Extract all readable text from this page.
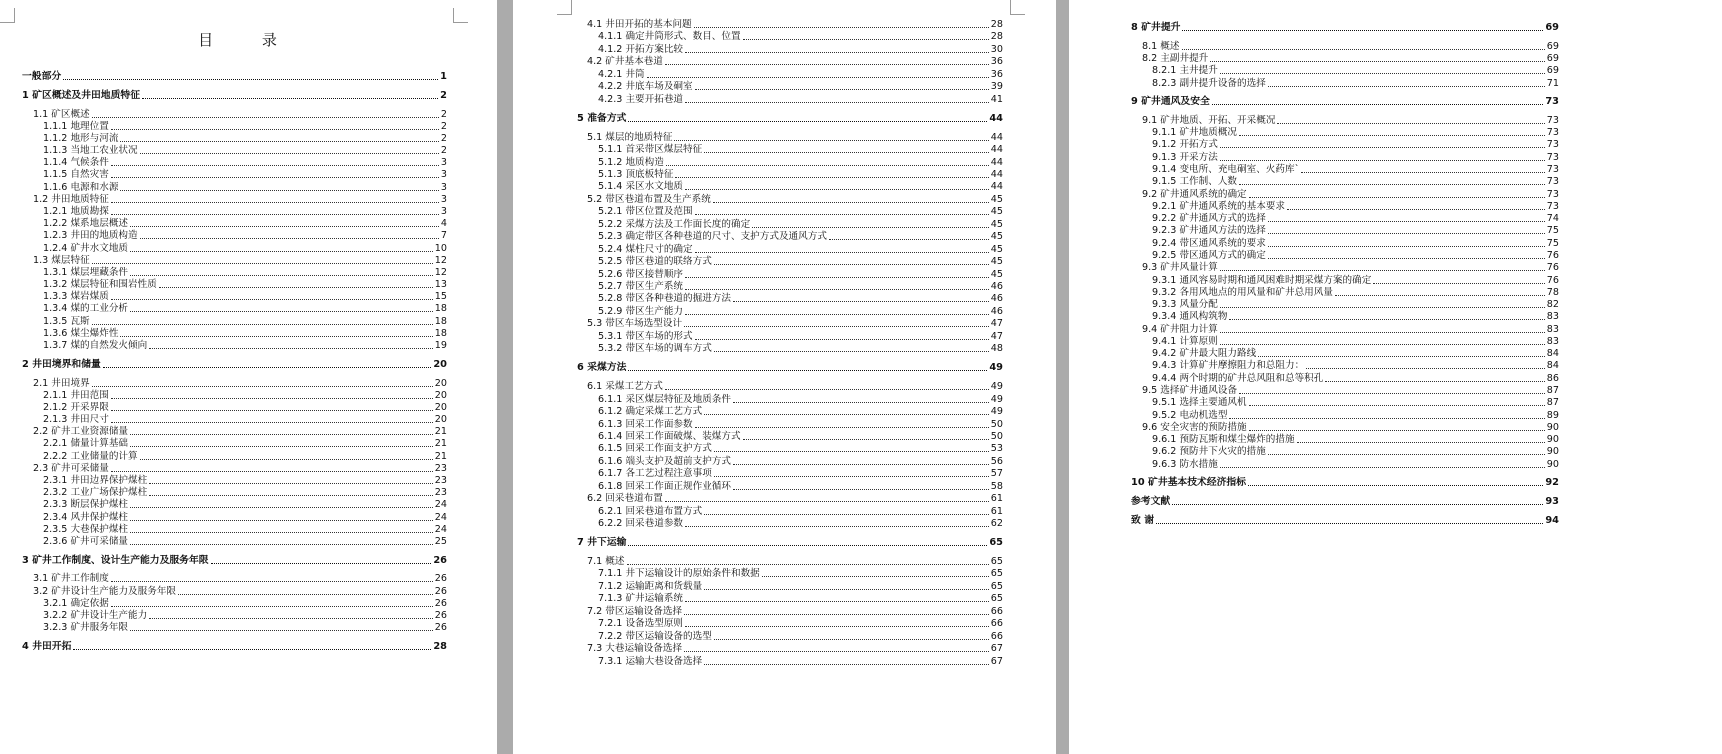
目 录
一般部分	1
1 矿区概述及井田地质特征	2
1.1 矿区概述	2
1.1.1 地理位置	2
1.1.2 地形与河流	2
1.1.3 当地工农业状况	2
1.1.4 气候条件	3
1.1.5 自然灾害	3
1.1.6 电源和水源	3
1.2 井田地质特征	3
1.2.1 地质勘探	3
1.2.2 煤系地层概述	4
1.2.3 井田的地质构造	7
1.2.4 矿井水文地质	10
1.3 煤层特征	12
1.3.1 煤层埋藏条件	12
1.3.2 煤层特征和围岩性质	13
1.3.3 煤岩煤质	15
1.3.4 煤的工业分析	18
1.3.5 瓦斯	18
1.3.6 煤尘爆炸性	18
1.3.7 煤的自然发火倾向	19
2 井田境界和储量	20
2.1 井田境界	20
2.1.1 井田范围	20
2.1.2 开采界限	20
2.1.3 井田尺寸	20
2.2 矿井工业资源储量	21
2.2.1 储量计算基础	21
2.2.2 工业储量的计算	21
2.3 矿井可采储量	23
2.3.1 井田边界保护煤柱	23
2.3.2 工业广场保护煤柱	23
2.3.3 断层保护煤柱	24
2.3.4 风井保护煤柱	24
2.3.5 大巷保护煤柱	24
2.3.6 矿井可采储量	25
3 矿井工作制度、设计生产能力及服务年限	26
3.1 矿井工作制度	26
3.2 矿井设计生产能力及服务年限	26
3.2.1 确定依据	26
3.2.2 矿井设计生产能力	26
3.2.3 矿井服务年限	26
4 井田开拓	28
4.1 井田开拓的基本问题	28
4.1.1 确定井筒形式、数目、位置	28
4.1.2 开拓方案比较	30
4.2 矿井基本巷道	36
4.2.1 井筒	36
4.2.2 井底车场及硐室	39
4.2.3 主要开拓巷道	41
5 准备方式	44
5.1 煤层的地质特征	44
5.1.1 首采带区煤层特征	44
5.1.2 地质构造	44
5.1.3 顶底板特征	44
5.1.4 采区水文地质	44
5.2 带区巷道布置及生产系统	45
5.2.1 带区位置及范围	45
5.2.2 采煤方法及工作面长度的确定	45
5.2.3 确定带区各种巷道的尺寸、支护方式及通风方式	45
5.2.4 煤柱尺寸的确定	45
5.2.5 带区巷道的联络方式	45
5.2.6 带区接替顺序	45
5.2.7 带区生产系统	46
5.2.8 带区各种巷道的掘进方法	46
5.2.9 带区生产能力	46
5.3 带区车场选型设计	47
5.3.1 带区车场的形式	47
5.3.2 带区车场的调车方式	48
6 采煤方法	49
6.1 采煤工艺方式	49
6.1.1 采区煤层特征及地质条件	49
6.1.2 确定采煤工艺方式	49
6.1.3 回采工作面参数	50
6.1.4 回采工作面破煤、装煤方式	50
6.1.5 回采工作面支护方式	53
6.1.6 端头支护及超前支护方式	56
6.1.7 各工艺过程注意事项	57
6.1.8 回采工作面正规作业循环	58
6.2 回采巷道布置	61
6.2.1 回采巷道布置方式	61
6.2.2 回采巷道参数	62
7 井下运输	65
7.1 概述	65
7.1.1 井下运输设计的原始条件和数据	65
7.1.2 运输距离和货载量	65
7.1.3 矿井运输系统	65
7.2 带区运输设备选择	66
7.2.1 设备选型原则	66
7.2.2 带区运输设备的选型	66
7.3 大巷运输设备选择	67
7.3.1 运输大巷设备选择	67
8 矿井提升	69
8.1 概述	69
8.2 主副井提升	69
8.2.1 主井提升	69
8.2.3 副井提升设备的选择	71
9 矿井通风及安全	73
9.1 矿井地质、开拓、开采概况	73
9.1.1 矿井地质概况	73
9.1.2 开拓方式	73
9.1.3 开采方法	73
9.1.4 变电所、充电硐室、火药库`	73
9.1.5 工作制、人数	73
9.2 矿井通风系统的确定	73
9.2.1 矿井通风系统的基本要求	73
9.2.2 矿井通风方式的选择	74
9.2.3 矿井通风方法的选择	75
9.2.4 带区通风系统的要求	75
9.2.5 带区通风方式的确定	76
9.3 矿井风量计算	76
9.3.1 通风容易时期和通风困难时期采煤方案的确定	76
9.3.2 各用风地点的用风量和矿井总用风量	78
9.3.3 风量分配	82
9.3.4 通风构筑物	83
9.4 矿井阻力计算	83
9.4.1 计算原则	83
9.4.2 矿井最大阻力路线	84
9.4.3 计算矿井摩擦阻力和总阻力：	84
9.4.4 两个时期的矿井总风阻和总等积孔	86
9.5 选择矿井通风设备	87
9.5.1 选择主要通风机	87
9.5.2 电动机选型	89
9.6 安全灾害的预防措施	90
9.6.1 预防瓦斯和煤尘爆炸的措施	90
9.6.2 预防井下火灾的措施	90
9.6.3 防水措施	90
10 矿井基本技术经济指标	92
参考文献	93
致 谢	94
